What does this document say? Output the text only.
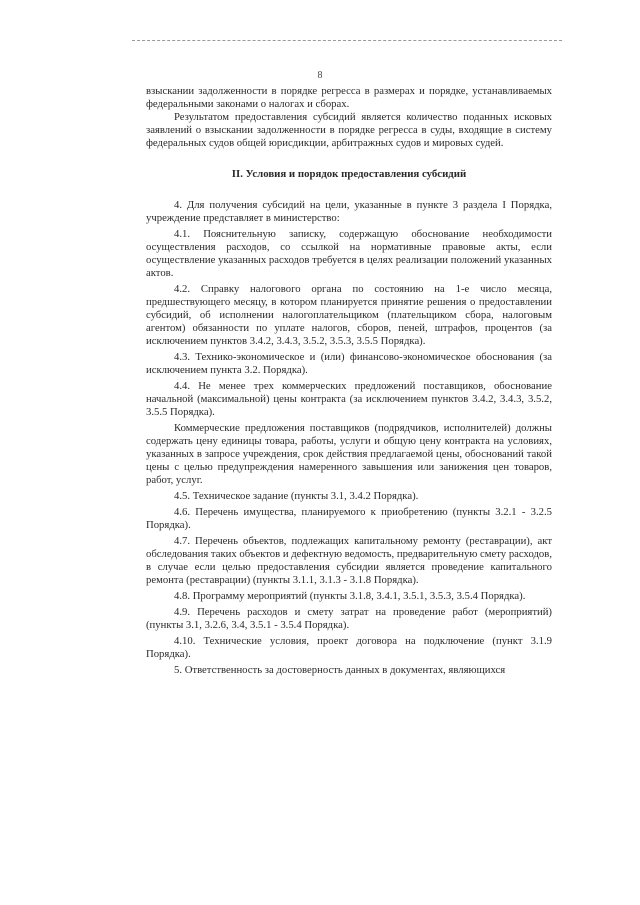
8

взыскании задолженности в порядке регресса в размерах и порядке, устанавливаемых федеральными законами о налогах и сборах.

Результатом предоставления субсидий является количество поданных исковых заявлений о взыскании задолженности в порядке регресса в суды, входящие в систему федеральных судов общей юрисдикции, арбитражных судов и мировых судей.

II. Условия и порядок предоставления субсидий

4. Для получения субсидий на цели, указанные в пункте 3 раздела I Порядка, учреждение представляет в министерство:

4.1. Пояснительную записку, содержащую обоснование необходимости осуществления расходов, со ссылкой на нормативные правовые акты, если осуществление указанных расходов требуется в целях реализации положений указанных актов.

4.2. Справку налогового органа по состоянию на 1-е число месяца, предшествующего месяцу, в котором планируется принятие решения о предоставлении субсидий, об исполнении налогоплательщиком (плательщиком сбора, налоговым агентом) обязанности по уплате налогов, сборов, пеней, штрафов, процентов (за исключением пунктов 3.4.2, 3.4.3, 3.5.2, 3.5.3, 3.5.5 Порядка).

4.3. Технико-экономическое и (или) финансово-экономическое обоснования (за исключением пункта 3.2. Порядка).

4.4. Не менее трех коммерческих предложений поставщиков, обоснование начальной (максимальной) цены контракта (за исключением пунктов 3.4.2, 3.4.3, 3.5.2, 3.5.5 Порядка).

Коммерческие предложения поставщиков (подрядчиков, исполнителей) должны содержать цену единицы товара, работы, услуги и общую цену контракта на условиях, указанных в запросе учреждения, срок действия предлагаемой цены, обоснований такой цены с целью предупреждения намеренного завышения или занижения цен товаров, работ, услуг.

4.5. Техническое задание (пункты 3.1, 3.4.2 Порядка).

4.6. Перечень имущества, планируемого к приобретению (пункты 3.2.1 - 3.2.5 Порядка).

4.7. Перечень объектов, подлежащих капитальному ремонту (реставрации), акт обследования таких объектов и дефектную ведомость, предварительную смету расходов, в случае если целью предоставления субсидии является проведение капитального ремонта (реставрации) (пункты 3.1.1, 3.1.3 - 3.1.8 Порядка).

4.8. Программу мероприятий (пункты 3.1.8, 3.4.1, 3.5.1, 3.5.3, 3.5.4 Порядка).

4.9. Перечень расходов и смету затрат на проведение работ (мероприятий) (пункты 3.1, 3.2.6, 3.4, 3.5.1 - 3.5.4 Порядка).

4.10. Технические условия, проект договора на подключение (пункт 3.1.9 Порядка).

5. Ответственность за достоверность данных в документах, являющихся
